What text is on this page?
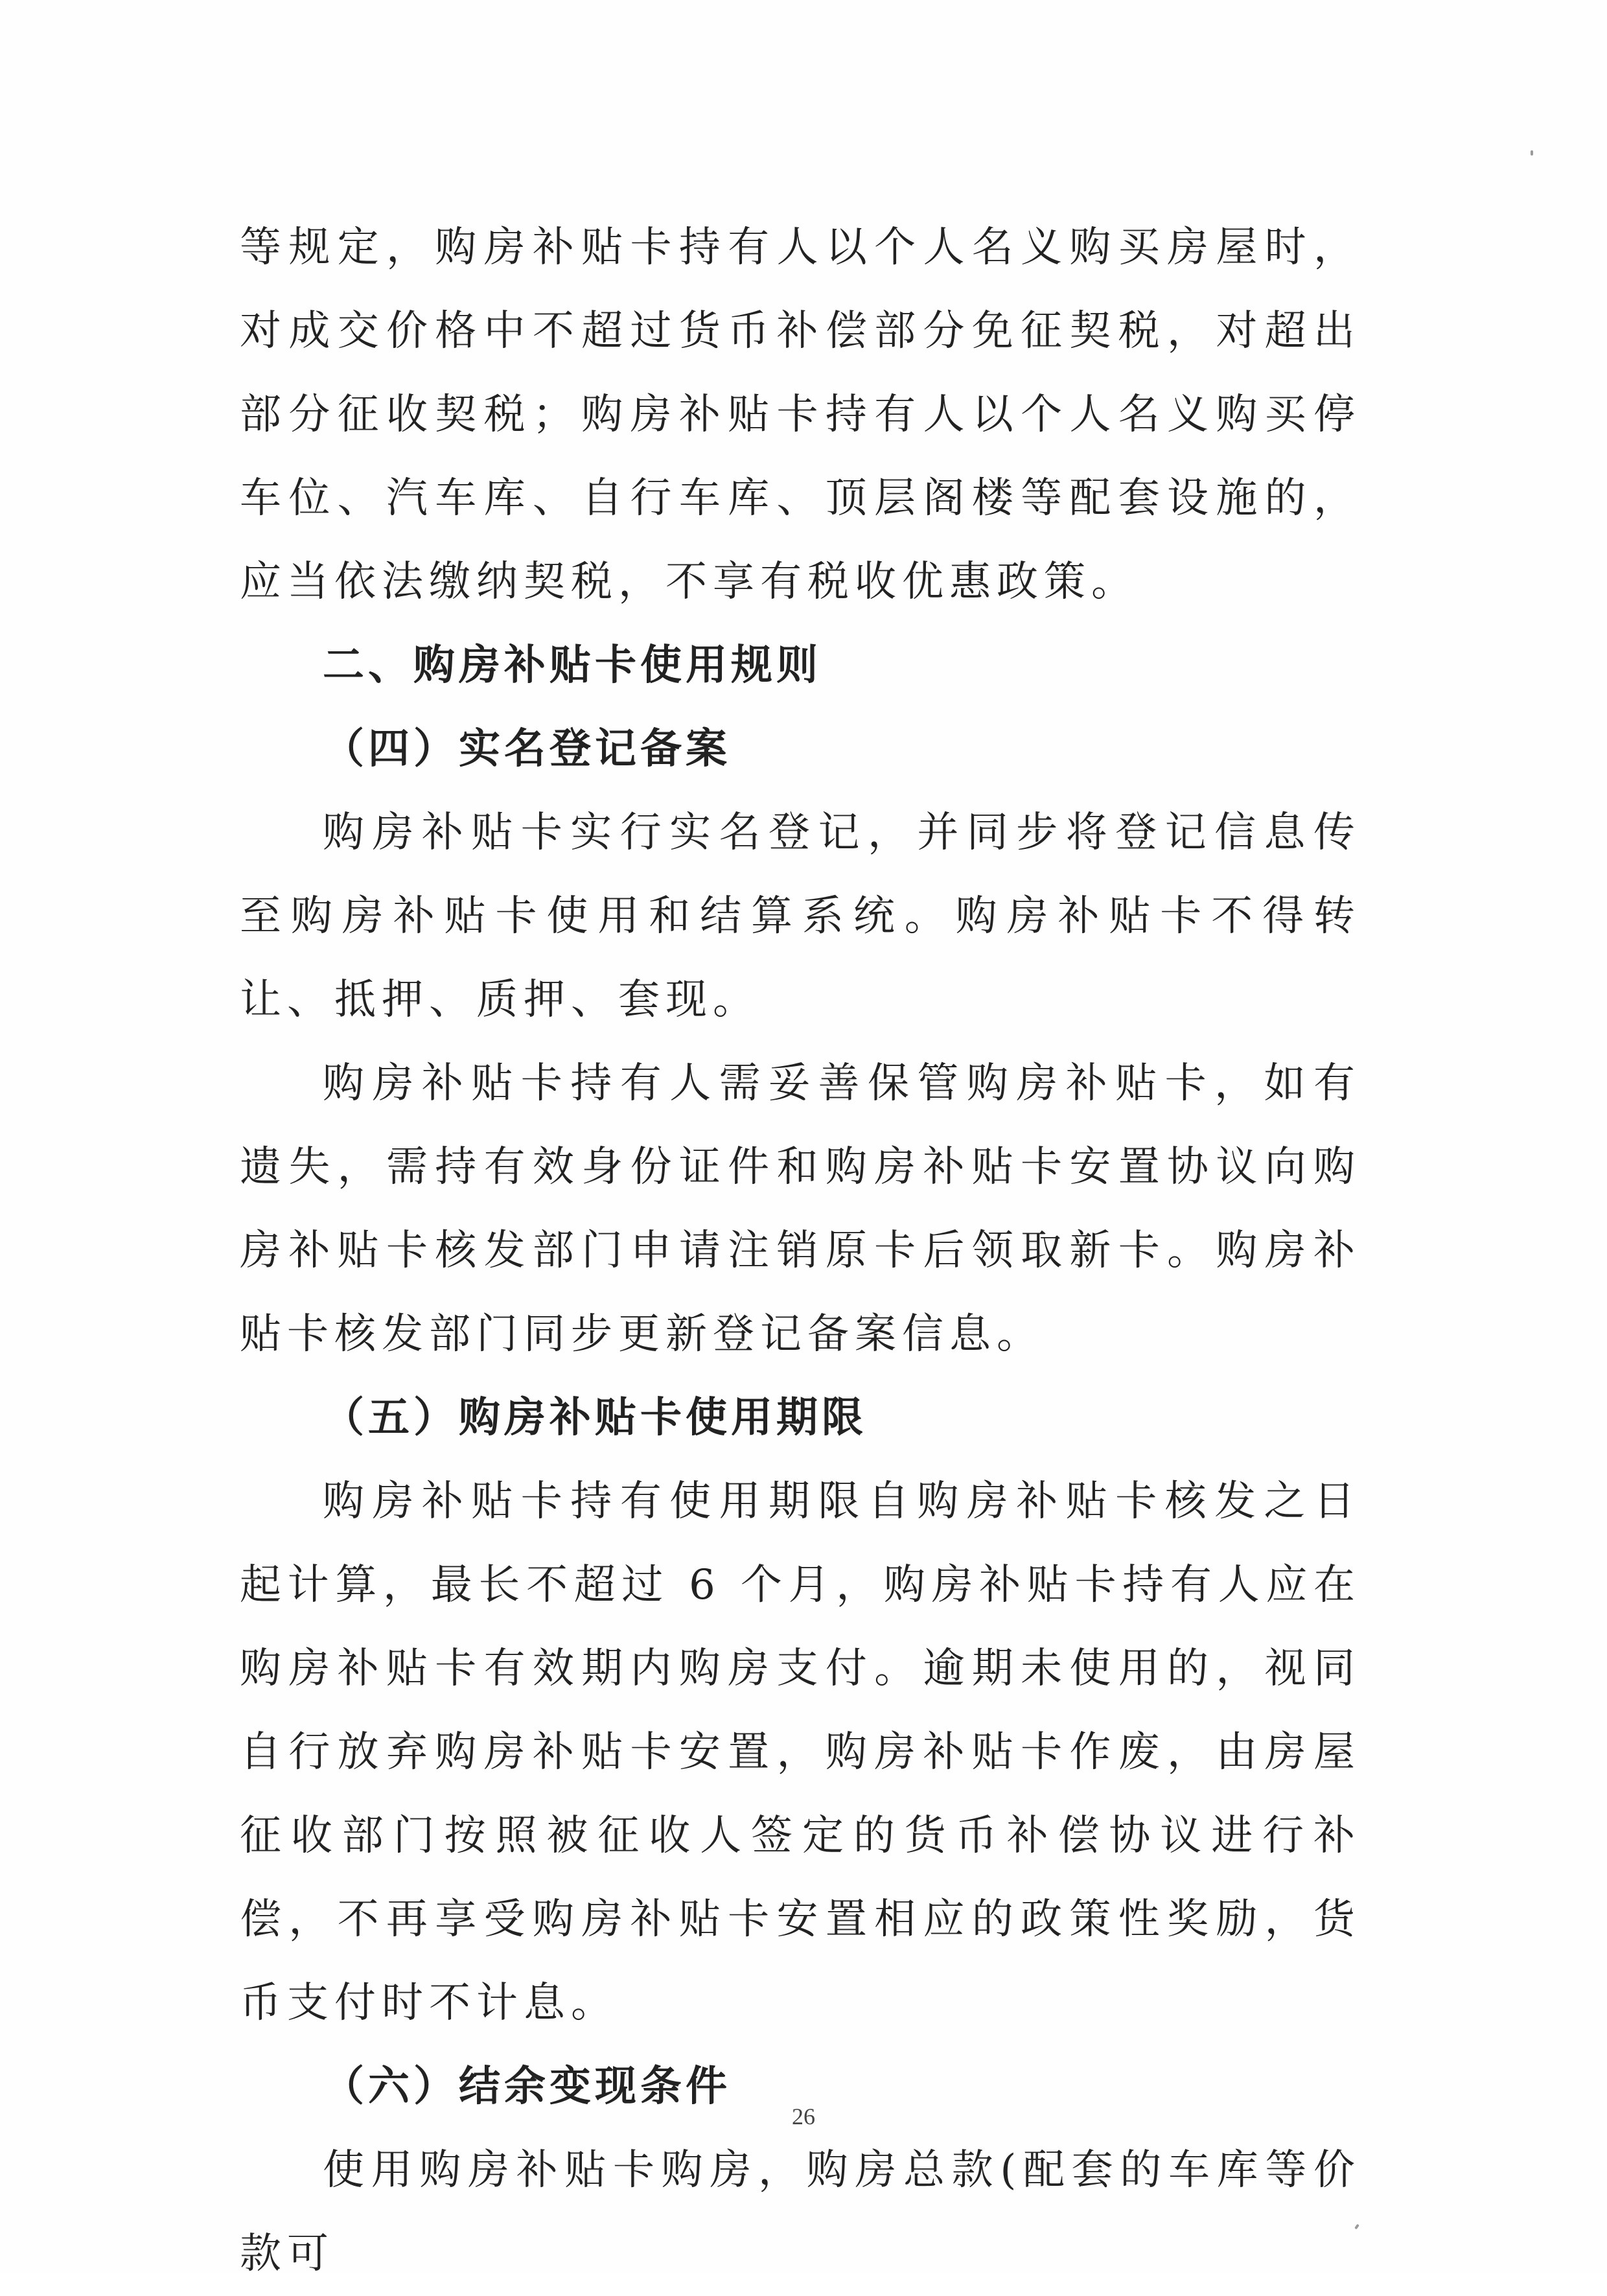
等规定，购房补贴卡持有人以个人名义购买房屋时，对成交价格中不超过货币补偿部分免征契税，对超出部分征收契税；购房补贴卡持有人以个人名义购买停车位、汽车库、自行车库、顶层阁楼等配套设施的，应当依法缴纳契税，不享有税收优惠政策。

二、购房补贴卡使用规则

（四）实名登记备案

购房补贴卡实行实名登记，并同步将登记信息传至购房补贴卡使用和结算系统。购房补贴卡不得转让、抵押、质押、套现。

购房补贴卡持有人需妥善保管购房补贴卡，如有遗失，需持有效身份证件和购房补贴卡安置协议向购房补贴卡核发部门申请注销原卡后领取新卡。购房补贴卡核发部门同步更新登记备案信息。

（五）购房补贴卡使用期限

购房补贴卡持有使用期限自购房补贴卡核发之日起计算，最长不超过 6 个月，购房补贴卡持有人应在购房补贴卡有效期内购房支付。逾期未使用的，视同自行放弃购房补贴卡安置，购房补贴卡作废，由房屋征收部门按照被征收人签定的货币补偿协议进行补偿，不再享受购房补贴卡安置相应的政策性奖励，货币支付时不计息。

（六）结余变现条件

使用购房补贴卡购房，购房总款(配套的车库等价款可

26
